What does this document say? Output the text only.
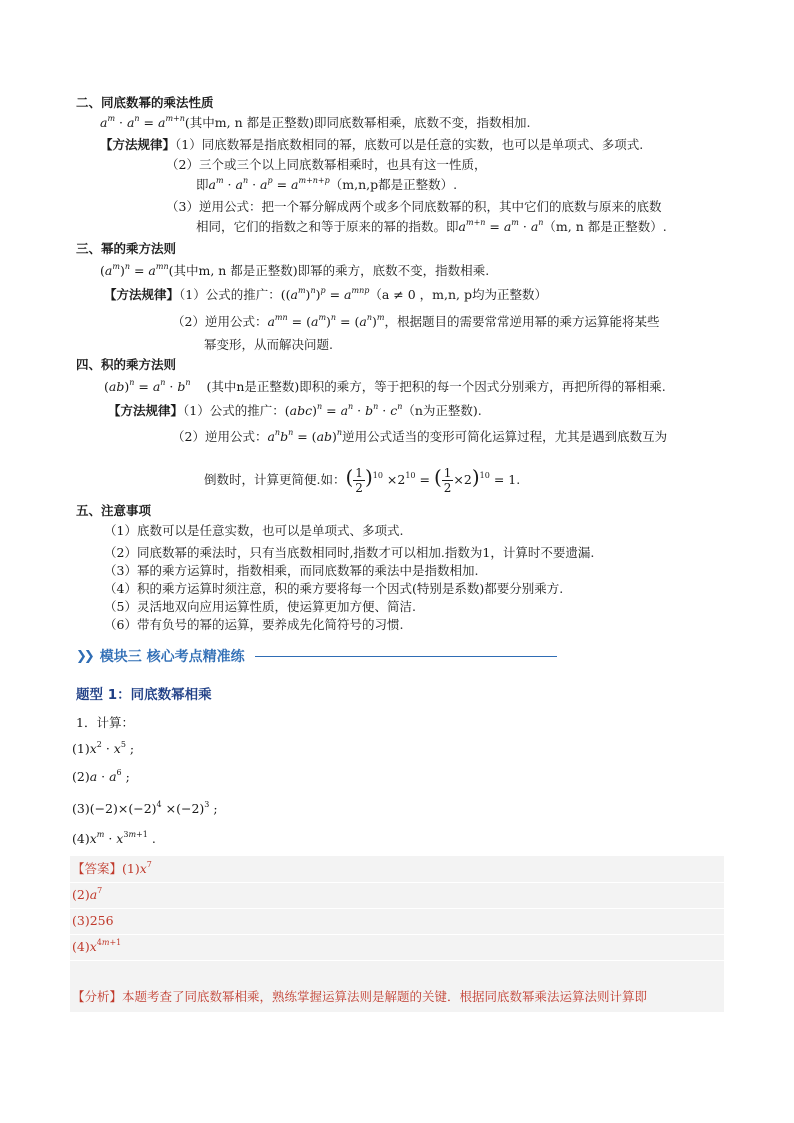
二、同底数幂的乘法性质
$a^m \cdot a^n = a^{m+n}$(其中m, n 都是正整数)即同底数幂相乘，底数不变，指数相加.
【方法规律】（1）同底数幂是指底数相同的幂，底数可以是任意的实数，也可以是单项式、多项式.
（2）三个或三个以上同底数幂相乘时，也具有这一性质，
即$a^m \cdot a^n \cdot a^p = a^{m+n+p}(m,n,p$都是正整数）.
（3）逆用公式：把一个幂分解成两个或多个同底数幂的积，其中它们的底数与原来的底数
相同，它们的指数之和等于原来的幂的指数。即$a^{m+n} = a^m \cdot a^n(m$, n 都是正整数）.
三、幂的乘方法则
$(a^m)^n = a^{mn}$(其中m, n 都是正整数)即幂的乘方，底数不变，指数相乘.
【方法规律】（1）公式的推广：$((a^m)^n)^p = a^{mnp}(a \ne 0$ ，m,n, p均为正整数）
（2）逆用公式：$a^{mn} = (a^m)^n = (a^n)^m$，根据题目的需要常常逆用幂的乘方运算能将某些
幂变形，从而解决问题.
四、积的乘方法则
$(ab)^n = a^n \cdot b^n$ (其中n是正整数)即积的乘方，等于把积的每一个因式分别乘方，再把所得的幂相乘.
【方法规律】（1）公式的推广：$(abc)^n = a^n \cdot b^n \cdot c^n(n$为正整数).
（2）逆用公式：$a^nb^n = (ab)^n$逆用公式适当的变形可简化运算过程，尤其是遇到底数互为
倒数时，计算更简便.如：( $\frac{1}{2} )^{10} \times 2^{10}$ = ( $\frac{1}{2} \times 2)^{10} = 1$.
五、注意事项
（1）底数可以是任意实数，也可以是单项式、多项式.
（2）同底数幂的乘法时，只有当底数相同时,指数才可以相加.指数为1，计算时不要遗漏.
（3）幂的乘方运算时，指数相乘，而同底数幂的乘法中是指数相加.
（4）积的乘方运算时须注意，积的乘方要将每一个因式(特别是系数)都要分别乘方.
（5）灵活地双向应用运算性质，使运算更加方便、简洁.
（6）带有负号的幂的运算，要养成先化简符号的习惯.
❯❯ 模块三 核心考点精准练
题型 1：同底数幂相乘
1．计算：
$(1)x^2 \cdot x^5$ ;
$(2)a \cdot a^6$ ;
$(3)(-2)\times(-2)^4 \times(-2)^3$ ;
$(4)x^m \cdot x^{3m+1}$ .
【答案】$(1)x^7$
$(2)a^7$
(3)256
$(4)x^{4m+1}$
【分析】本题考查了同底数幂相乘，熟练掌握运算法则是解题的关键．根据同底数幂乘法运算法则计算即
